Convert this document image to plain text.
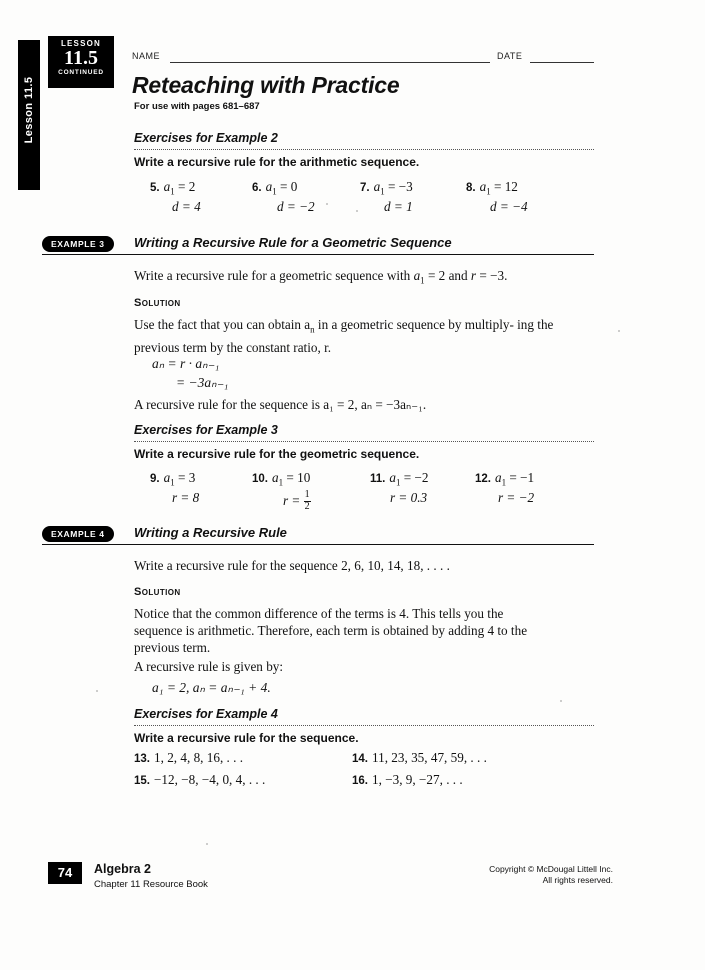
Lesson 11.5
LESSON
11.5
CONTINUED
NAME	DATE
Reteaching with Practice
For use with pages 681–687
Exercises for Example 2
Write a recursive rule for the arithmetic sequence.
5. $a_1 = 2$
d = 4
6. $a_1 = 0$
d = −2
7. $a_1 = -3$
d = 1
8. $a_1 = 12$
d = −4
EXAMPLE 3	Writing a Recursive Rule for a Geometric Sequence
Write a recursive rule for a geometric sequence with $a_1 = 2$ and r = −3.
Solution
Use the fact that you can obtain $a_n$ in a geometric sequence by multiply- ing the previous term by the constant ratio, r.
aₙ = r · aₙ₋₁
= −3aₙ₋₁
A recursive rule for the sequence is a₁ = 2, aₙ = −3aₙ₋₁.
Exercises for Example 3
Write a recursive rule for the geometric sequence.
9. $a_1 = 3$
r = 8
10. $a_1 = 10$
$r = \frac{1}{2}$
11. $a_1 = -2$
r = 0.3
12. $a_1 = -1$
r = −2
EXAMPLE 4	Writing a Recursive Rule
Write a recursive rule for the sequence 2, 6, 10, 14, 18, . . . .
Solution
Notice that the common difference of the terms is 4. This tells you the sequence is arithmetic. Therefore, each term is obtained by adding 4 to the previous term.
A recursive rule is given by:
a₁ = 2, aₙ = aₙ₋₁ + 4.
Exercises for Example 4
Write a recursive rule for the sequence.
13. 1, 2, 4, 8, 16, . . .	14. 11, 23, 35, 47, 59, . . .
15. −12, −8, −4, 0, 4, . . .	16. 1, −3, 9, −27, . . .
74	Algebra 2
Chapter 11 Resource Book
Copyright © McDougal Littell Inc.
All rights reserved.
